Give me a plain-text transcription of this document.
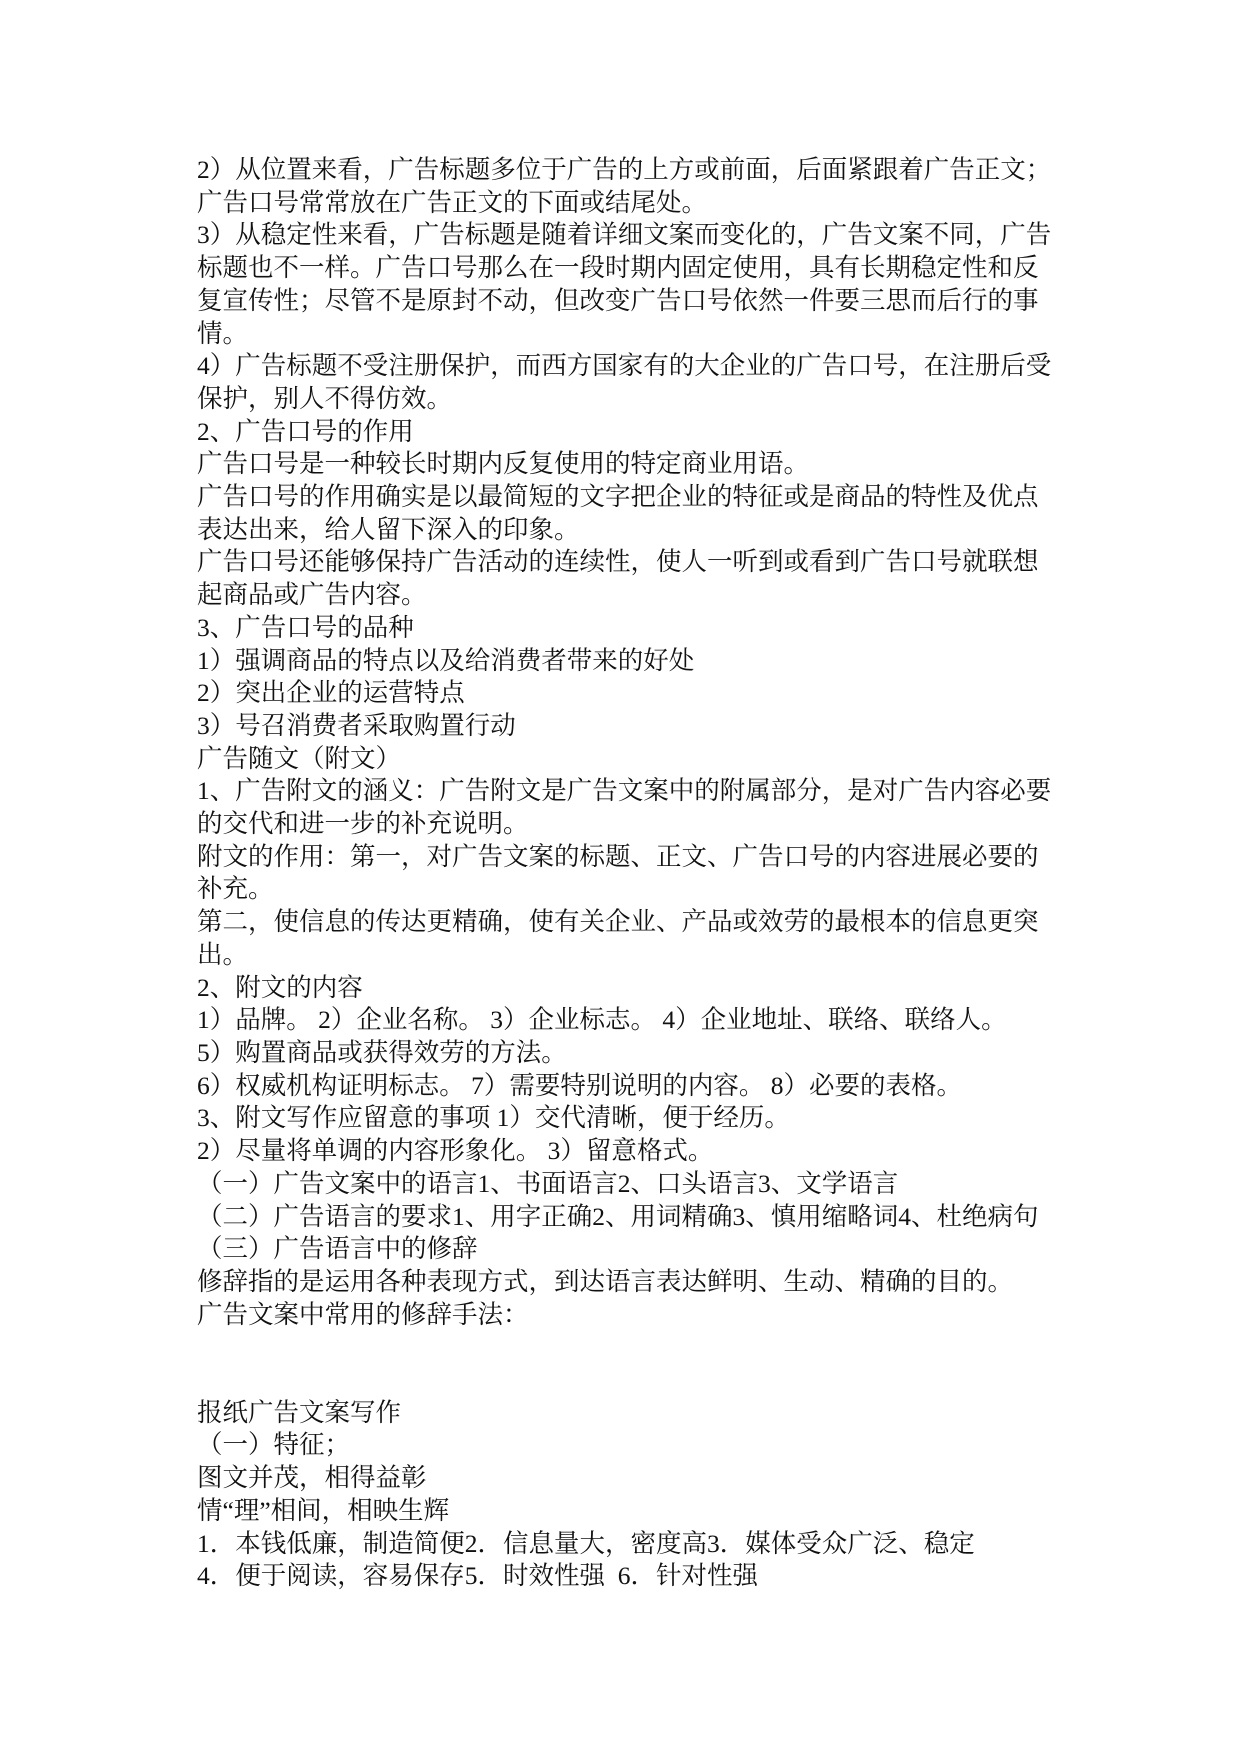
2）从位置来看，广告标题多位于广告的上方或前面，后面紧跟着广告正文；
广告口号常常放在广告正文的下面或结尾处。
3）从稳定性来看，广告标题是随着详细文案而变化的，广告文案不同，广告
标题也不一样。广告口号那么在一段时期内固定使用，具有长期稳定性和反
复宣传性；尽管不是原封不动，但改变广告口号依然一件要三思而后行的事
情。
4）广告标题不受注册保护，而西方国家有的大企业的广告口号，在注册后受
保护，别人不得仿效。
2、广告口号的作用
广告口号是一种较长时期内反复使用的特定商业用语。
广告口号的作用确实是以最简短的文字把企业的特征或是商品的特性及优点
表达出来，给人留下深入的印象。
广告口号还能够保持广告活动的连续性，使人一听到或看到广告口号就联想
起商品或广告内容。
3、广告口号的品种
1）强调商品的特点以及给消费者带来的好处
2）突出企业的运营特点
3）号召消费者采取购置行动
广告随文（附文）
1、广告附文的涵义：广告附文是广告文案中的附属部分，是对广告内容必要
的交代和进一步的补充说明。
附文的作用：第一，对广告文案的标题、正文、广告口号的内容进展必要的
补充。
第二，使信息的传达更精确，使有关企业、产品或效劳的最根本的信息更突
出。
2、附文的内容
1）品牌。 2）企业名称。 3）企业标志。 4）企业地址、联络、联络人。
5）购置商品或获得效劳的方法。
6）权威机构证明标志。 7）需要特别说明的内容。 8）必要的表格。
3、附文写作应留意的事项 1）交代清晰，便于经历。
2）尽量将单调的内容形象化。 3）留意格式。
（一）广告文案中的语言1、书面语言2、口头语言3、文学语言
（二）广告语言的要求1、用字正确2、用词精确3、慎用缩略词4、杜绝病句
（三）广告语言中的修辞
修辞指的是运用各种表现方式，到达语言表达鲜明、生动、精确的目的。
广告文案中常用的修辞手法：
报纸广告文案写作
（一）特征；
图文并茂，相得益彰
情“理”相间，相映生辉
1．本钱低廉，制造简便2．信息量大，密度高3．媒体受众广泛、稳定
4．便于阅读，容易保存5．时效性强  6．针对性强
